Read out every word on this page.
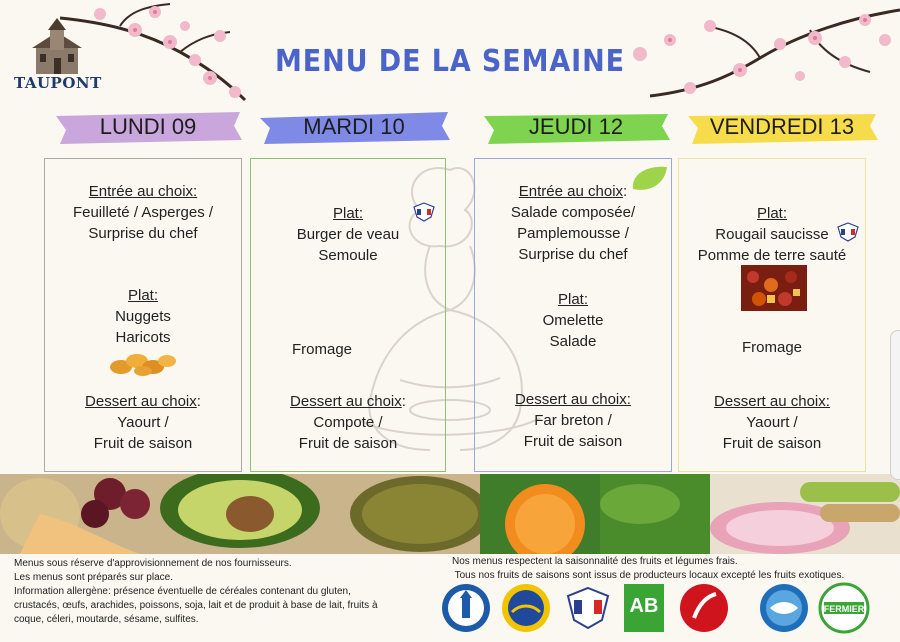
TAUPONT
MENU DE LA SEMAINE
LUNDI 09	MARDI 10	JEUDI 12	VENDREDI 13
Entrée au choix:
Feuilleté / Asperges /
Surprise du chef
Plat:
Nuggets
Haricots
Dessert au choix:
Yaourt /
Fruit de saison
Plat:
Burger de veau
Semoule
Fromage
Dessert au choix:
Compote /
Fruit de saison
Entrée au choix:
Salade composée/
Pamplemousse /
Surprise du chef
Plat:
Omelette
Salade
Dessert au choix:
Far breton /
Fruit de saison
Plat:
Rougail saucisse
Pomme de terre sauté
Fromage
Dessert au choix:
Yaourt /
Fruit de saison
Menus sous réserve d'approvisionnement de nos fournisseurs.
Les menus sont préparés sur place.
Information allergène: présence éventuelle de céréales contenant du gluten,
crustacés, œufs, arachides, poissons, soja, lait et de produit à base de lait, fruits à
coque, céleri, moutarde, sésame, sulfites.
Nos menus respectent la saisonnalité des fruits et légumes frais.
Tous nos fruits de saisons sont issus de producteurs locaux excepté les fruits exotiques.
AB	FERMIER
